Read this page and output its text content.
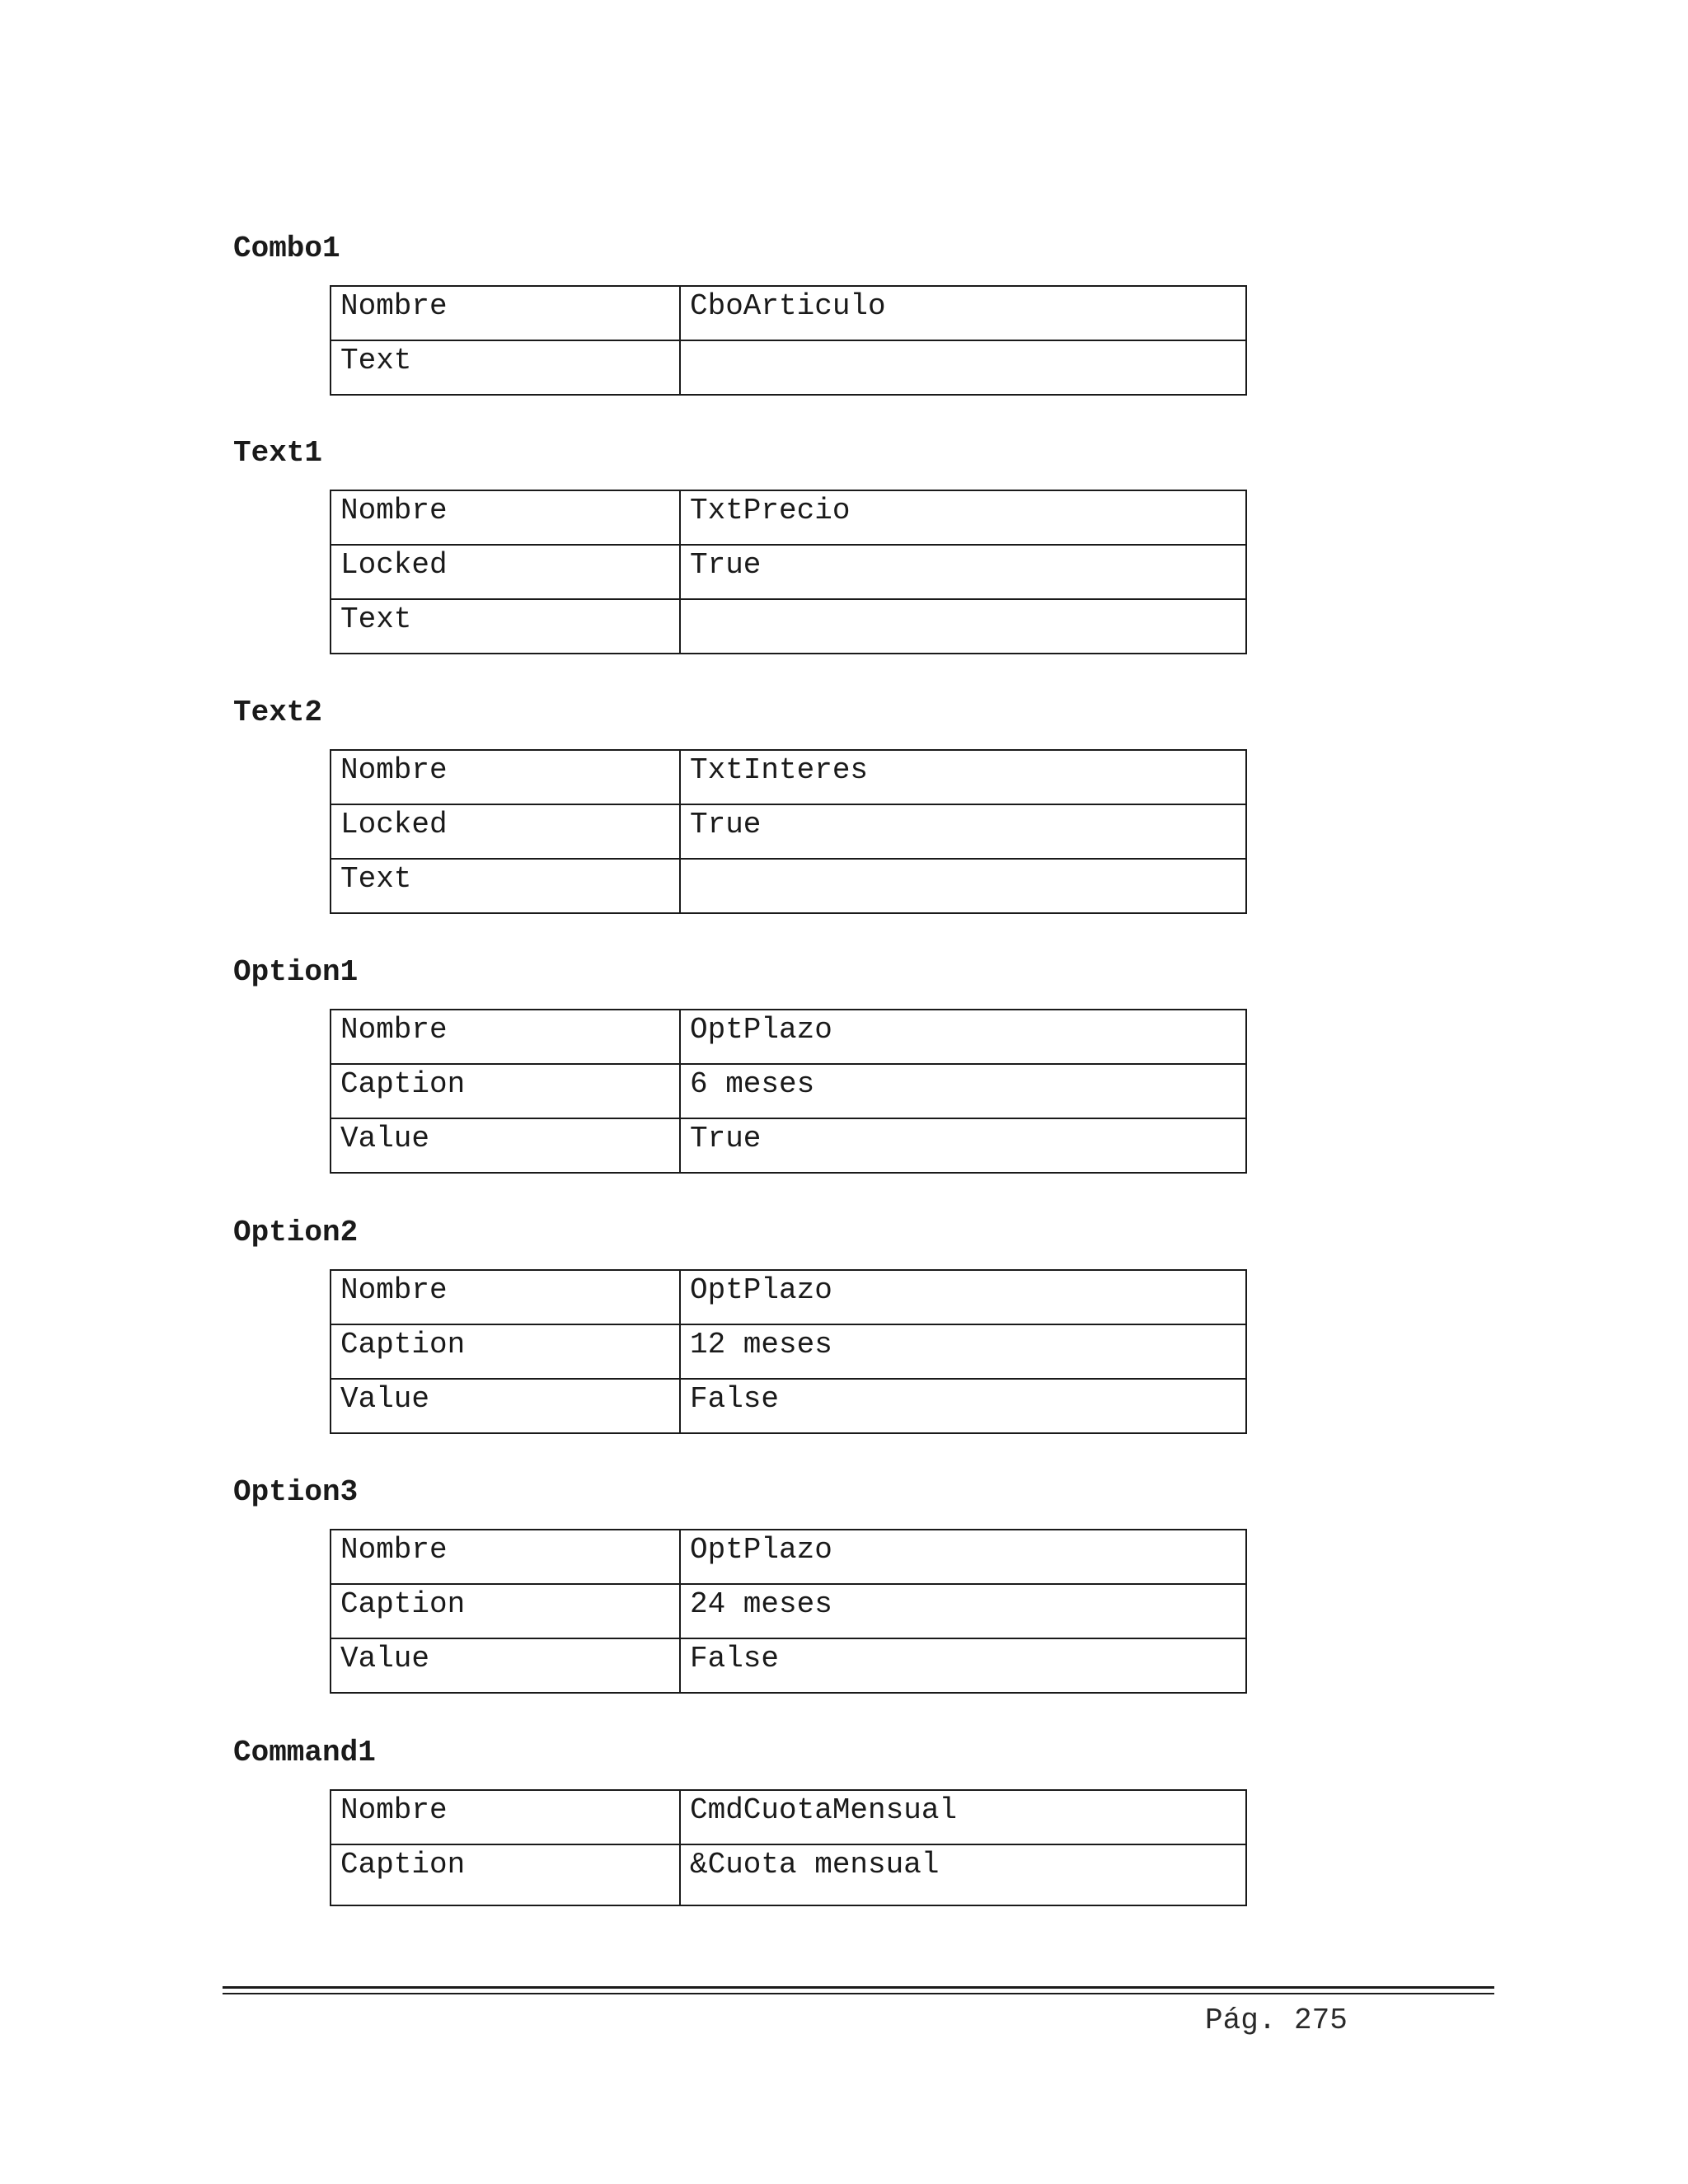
Combo1
Nombre	CboArticulo
Text	
Text1
Nombre	TxtPrecio
Locked	True
Text	
Text2
Nombre	TxtInteres
Locked	True
Text	
Option1
Nombre	OptPlazo
Caption	6 meses
Value	True
Option2
Nombre	OptPlazo
Caption	12 meses
Value	False
Option3
Nombre	OptPlazo
Caption	24 meses
Value	False
Command1
Nombre	CmdCuotaMensual
Caption	&Cuota mensual
Pág. 275
